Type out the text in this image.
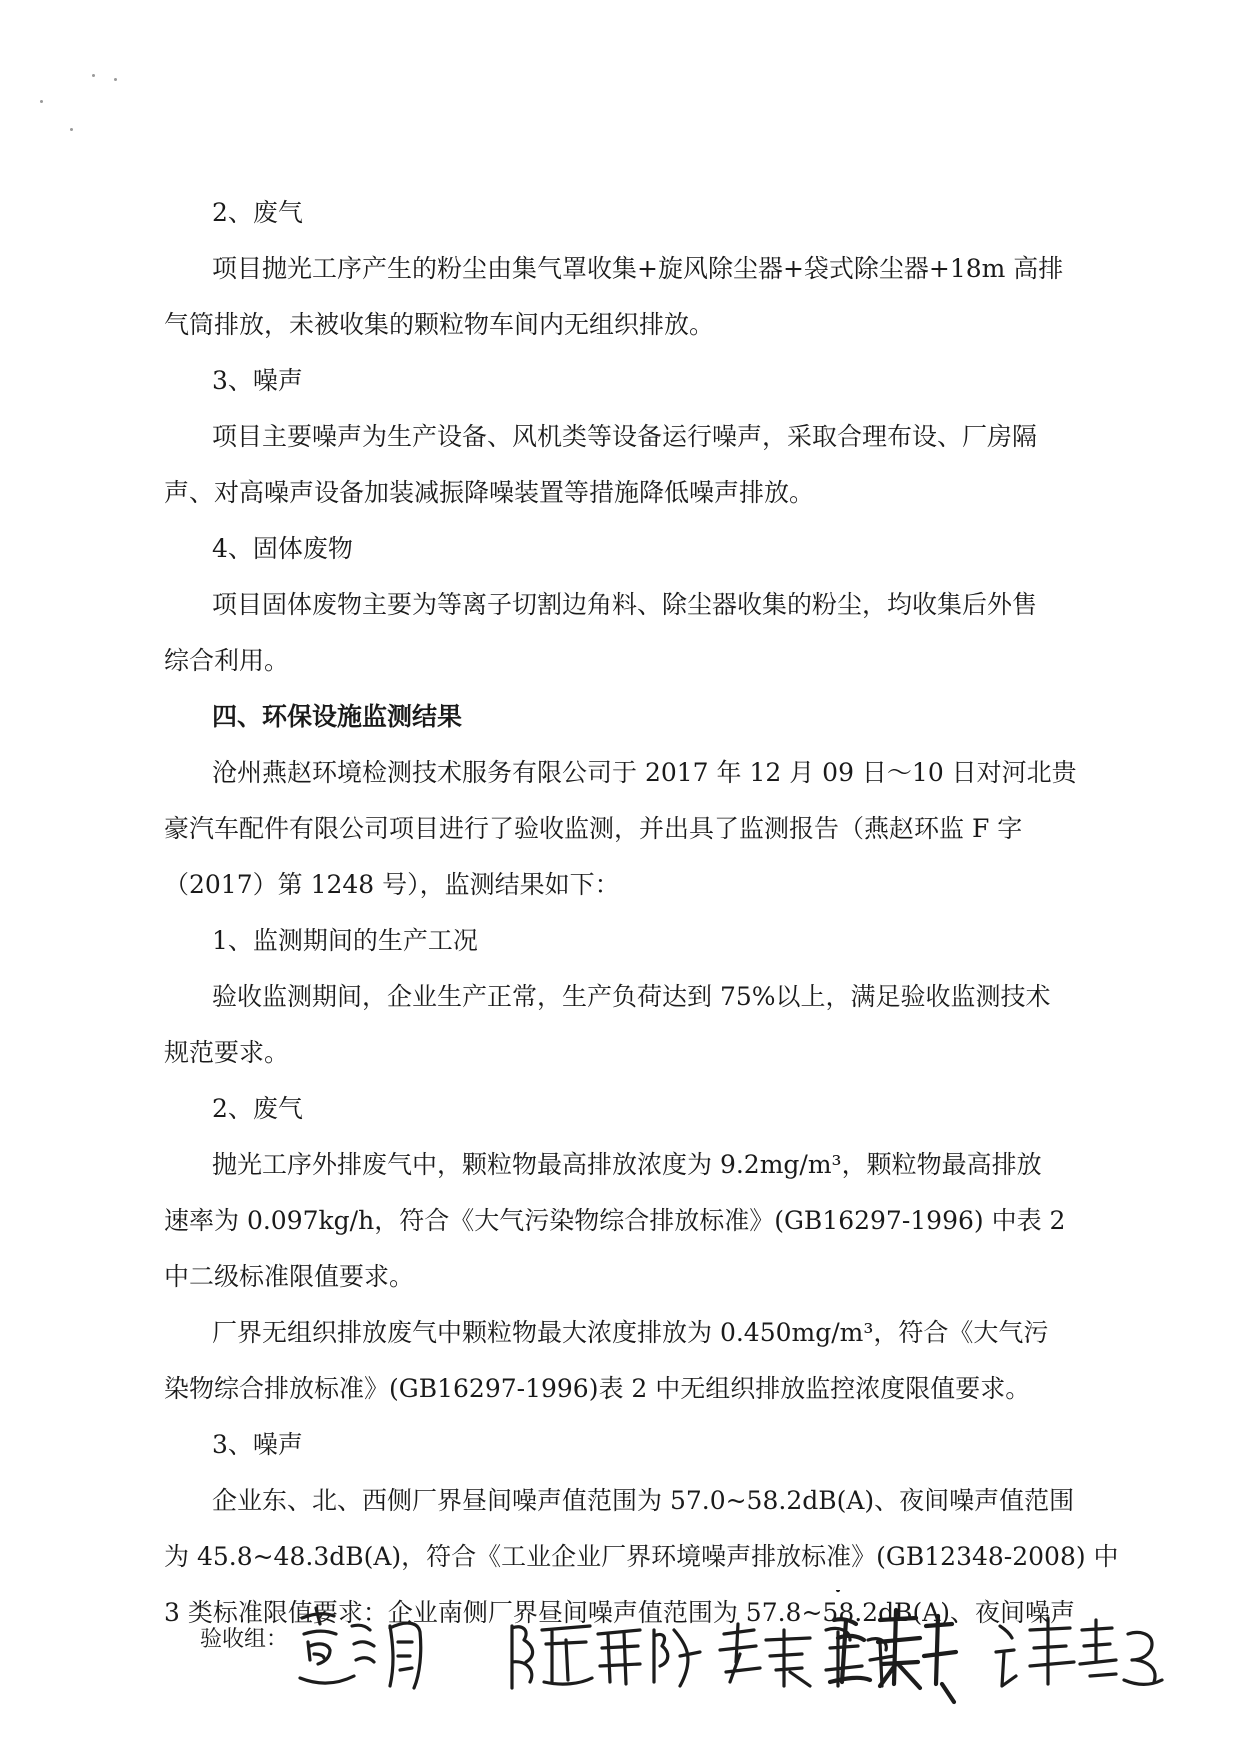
2、废气
项目抛光工序产生的粉尘由集气罩收集+旋风除尘器+袋式除尘器+18m 高排
气筒排放，未被收集的颗粒物车间内无组织排放。
3、噪声
项目主要噪声为生产设备、风机类等设备运行噪声，采取合理布设、厂房隔
声、对高噪声设备加装减振降噪装置等措施降低噪声排放。
4、固体废物
项目固体废物主要为等离子切割边角料、除尘器收集的粉尘，均收集后外售
综合利用。
四、环保设施监测结果
沧州燕赵环境检测技术服务有限公司于 2017 年 12 月 09 日～10 日对河北贵
豪汽车配件有限公司项目进行了验收监测，并出具了监测报告（燕赵环监 F 字
（2017）第 1248 号），监测结果如下：
1、监测期间的生产工况
验收监测期间，企业生产正常，生产负荷达到 75%以上，满足验收监测技术
规范要求。
2、废气
抛光工序外排废气中，颗粒物最高排放浓度为 9.2mg/m³，颗粒物最高排放
速率为 0.097kg/h，符合《大气污染物综合排放标准》(GB16297-1996) 中表 2
中二级标准限值要求。
厂界无组织排放废气中颗粒物最大浓度排放为 0.450mg/m³，符合《大气污
染物综合排放标准》(GB16297-1996)表 2 中无组织排放监控浓度限值要求。
3、噪声
企业东、北、西侧厂界昼间噪声值范围为 57.0~58.2dB(A)、夜间噪声值范围
为 45.8~48.3dB(A)，符合《工业企业厂界环境噪声排放标准》(GB12348-2008) 中
3 类标准限值要求：企业南侧厂界昼间噪声值范围为 57.8~58.2dB(A)、夜间噪声
验收组：
